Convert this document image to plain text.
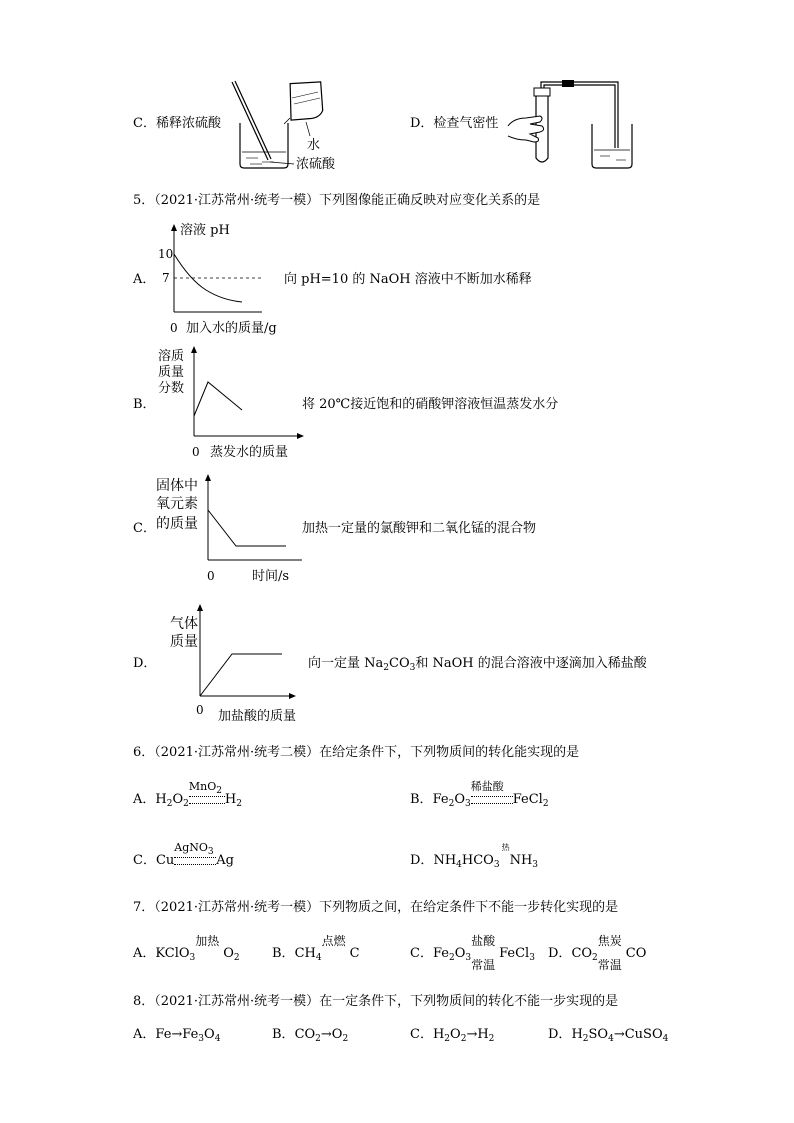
C．稀释浓硫酸
水
浓硫酸
D．检查气密性
5．（2021·江苏常州·统考一模）下列图像能正确反映对应变化关系的是
A．
溶液 pH
10
7
0 加入水的质量/g
向 pH=10 的 NaOH 溶液中不断加水稀释
B．
溶质
质量
分数
0 蒸发水的质量
将 20℃接近饱和的硝酸钾溶液恒温蒸发水分
C．
固体中
氧元素
的质量
0	时间/s
加热一定量的氯酸钾和二氧化锰的混合物
D．
气体
质量
0 加盐酸的质量
向一定量 $Na_2CO_3$和 NaOH 的混合溶液中逐滴加入稀盐酸
6．（2021·江苏常州·统考二模）在给定条件下，下列物质间的转化能实现的是
A．$H_2O_2$
MnO$_2$
$H_2$	B．$Fe_2O_3$
稀盐酸
FeCl$_2$
C．Cu
AgNO$_3$
Ag	D．$NH_4HCO_3$
热
$NH_3$
7．（2021·江苏常州·统考一模）下列物质之间，在给定条件下不能一步转化实现的是
A．KClO$_3$
加热
$O_2$ B．$CH_4$
点燃
C	C．$Fe_2O_3$
盐酸
常温
FeCl$_3$ D．$CO_2$
焦炭
常温
CO
8．（2021·江苏常州·统考一模）在一定条件下，下列物质间的转化不能一步实现的是
A．$Fe\to Fe_3O_4$	B．$CO_2\to O_2$	C．$H_2O_2\to H_2$	D．$H_2SO_4\to CuSO_4$
